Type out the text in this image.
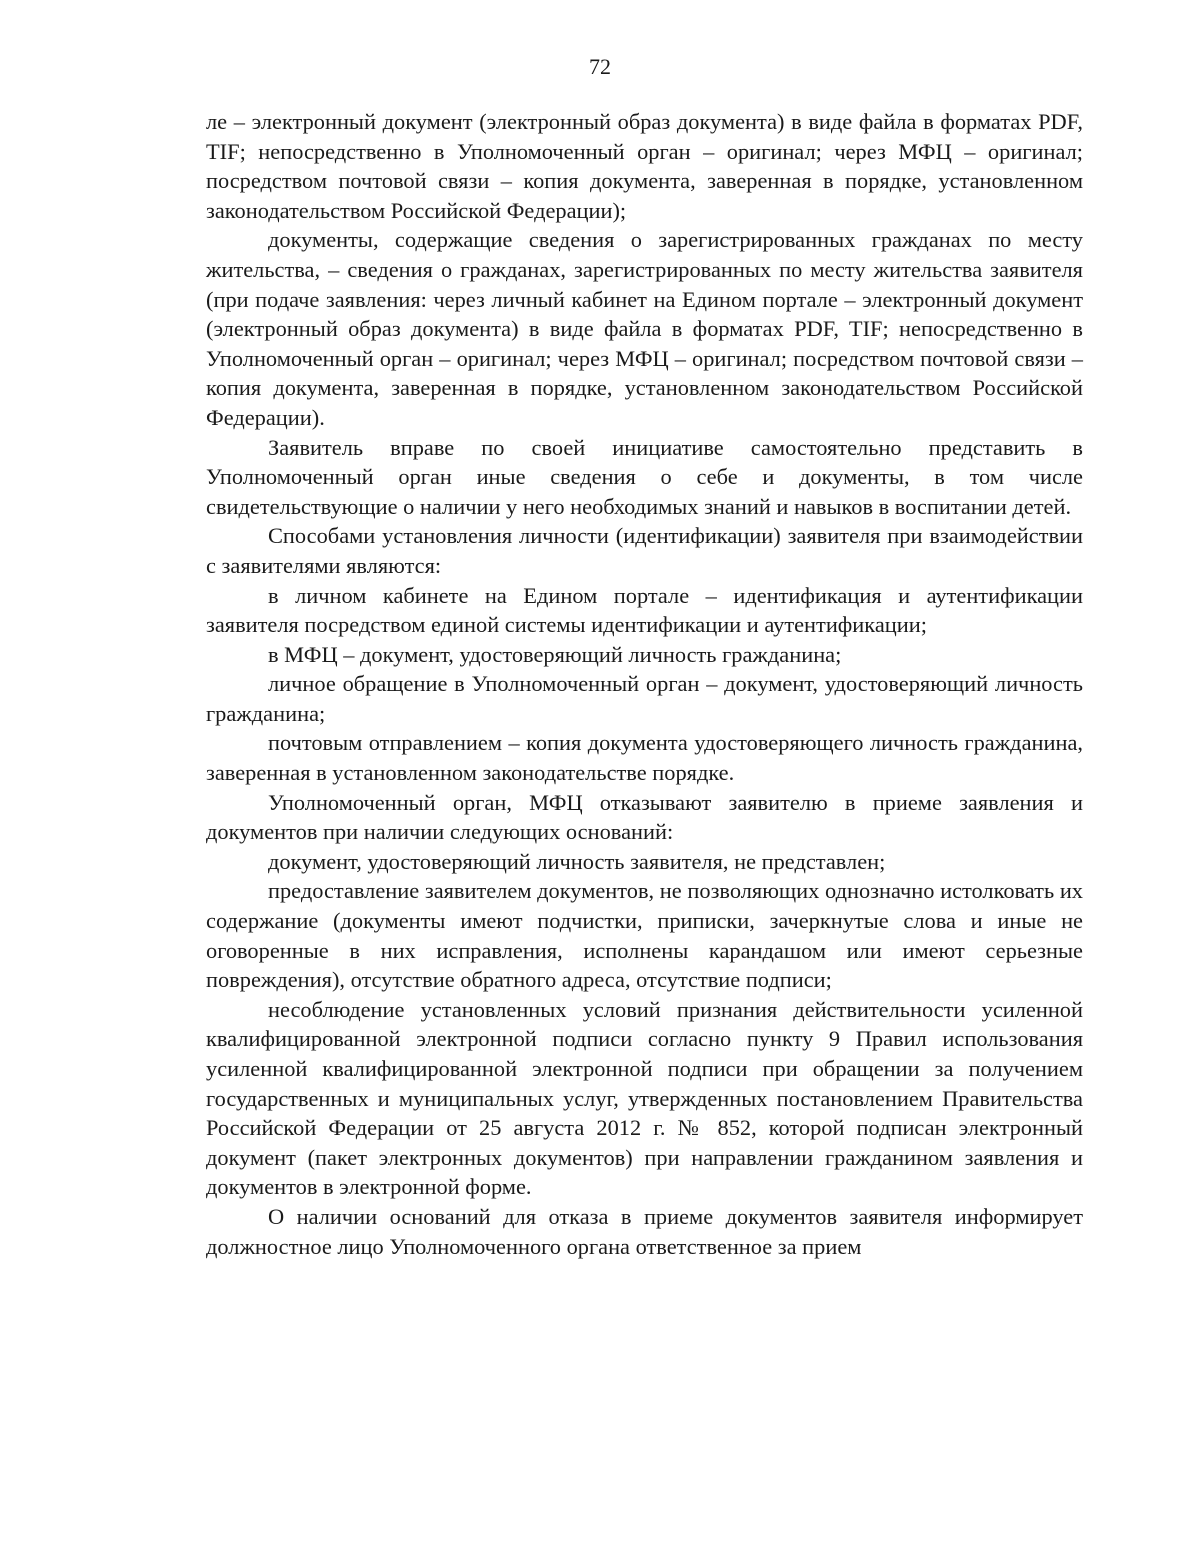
72

ле – электронный документ (электронный образ документа) в виде файла в форматах PDF, TIF; непосредственно в Уполномоченный орган – оригинал; через МФЦ – оригинал; посредством почтовой связи – копия документа, заверенная в порядке, установленном законодательством Российской Федерации);

документы, содержащие сведения о зарегистрированных гражданах по месту жительства, – сведения о гражданах, зарегистрированных по месту жительства заявителя (при подаче заявления: через личный кабинет на Едином портале – электронный документ (электронный образ документа) в виде файла в форматах PDF, TIF; непосредственно в Уполномоченный орган – оригинал; через МФЦ – оригинал; посредством почтовой связи – копия документа, заверенная в порядке, установленном законодательством Российской Федерации).

Заявитель вправе по своей инициативе самостоятельно представить в Уполномоченный орган иные сведения о себе и документы, в том числе свидетельствующие о наличии у него необходимых знаний и навыков в воспитании детей.

Способами установления личности (идентификации) заявителя при взаимодействии с заявителями являются:

в личном кабинете на Едином портале – идентификация и аутентификации заявителя посредством единой системы идентификации и аутентификации;

в МФЦ – документ, удостоверяющий личность гражданина;

личное обращение в Уполномоченный орган – документ, удостоверяющий личность гражданина;

почтовым отправлением – копия документа удостоверяющего личность гражданина, заверенная в установленном законодательстве порядке.

Уполномоченный орган, МФЦ отказывают заявителю в приеме заявления и документов при наличии следующих оснований:

документ, удостоверяющий личность заявителя, не представлен;

предоставление заявителем документов, не позволяющих однозначно истолковать их содержание (документы имеют подчистки, приписки, зачеркнутые слова и иные не оговоренные в них исправления, исполнены карандашом или имеют серьезные повреждения), отсутствие обратного адреса, отсутствие подписи;

несоблюдение установленных условий признания действительности усиленной квалифицированной электронной подписи согласно пункту 9 Правил использования усиленной квалифицированной электронной подписи при обращении за получением государственных и муниципальных услуг, утвержденных постановлением Правительства Российской Федерации от 25 августа 2012 г. № 852, которой подписан электронный документ (пакет электронных документов) при направлении гражданином заявления и документов в электронной форме.

О наличии оснований для отказа в приеме документов заявителя информирует должностное лицо Уполномоченного органа ответственное за прием
